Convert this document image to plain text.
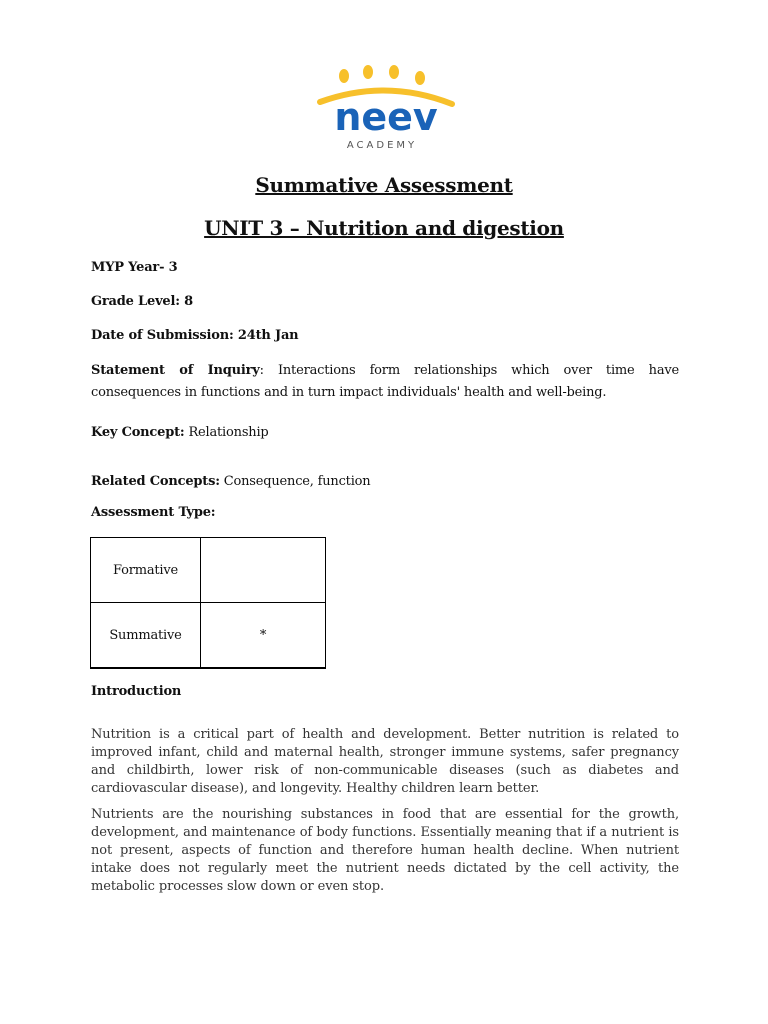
neev
ACADEMY
Summative Assessment
UNIT 3 – Nutrition and digestion
MYP Year- 3
Grade Level: 8
Date of Submission: 24th Jan
Statement of Inquiry: Interactions form relationships which over time have consequences in functions and in turn impact individuals' health and well-being.
Key Concept: Relationship
Related Concepts: Consequence, function
Assessment Type:
Formative	
Summative	*
Introduction
Nutrition is a critical part of health and development. Better nutrition is related to improved infant, child and maternal health, stronger immune systems, safer pregnancy and childbirth, lower risk of non-communicable diseases (such as diabetes and cardiovascular disease), and longevity. Healthy children learn better.
Nutrients are the nourishing substances in food that are essential for the growth, development, and maintenance of body functions. Essentially meaning that if a nutrient is not present, aspects of function and therefore human health decline. When nutrient intake does not regularly meet the nutrient needs dictated by the cell activity, the metabolic processes slow down or even stop.
